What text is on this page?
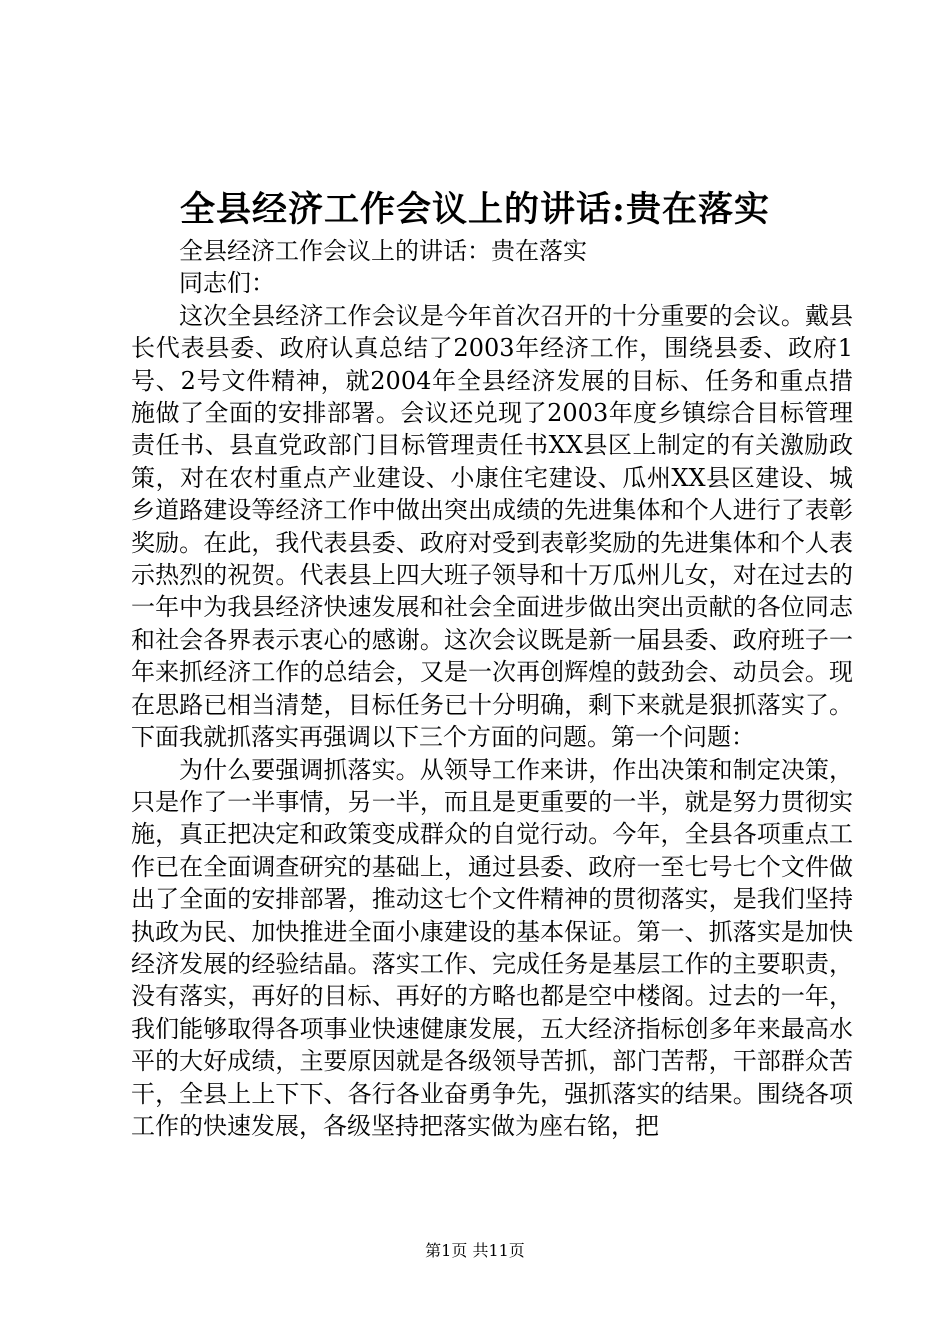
全县经济工作会议上的讲话:贵在落实

全县经济工作会议上的讲话：贵在落实

同志们：

这次全县经济工作会议是今年首次召开的十分重要的会议。戴县长代表县委、政府认真总结了2003年经济工作，围绕县委、政府1号、2号文件精神，就2004年全县经济发展的目标、任务和重点措施做了全面的安排部署。会议还兑现了2003年度乡镇综合目标管理责任书、县直党政部门目标管理责任书XX县区上制定的有关激励政策，对在农村重点产业建设、小康住宅建设、瓜州XX县区建设、城乡道路建设等经济工作中做出突出成绩的先进集体和个人进行了表彰奖励。在此，我代表县委、政府对受到表彰奖励的先进集体和个人表示热烈的祝贺。代表县上四大班子领导和十万瓜州儿女，对在过去的一年中为我县经济快速发展和社会全面进步做出突出贡献的各位同志和社会各界表示衷心的感谢。这次会议既是新一届县委、政府班子一年来抓经济工作的总结会，又是一次再创辉煌的鼓劲会、动员会。现在思路已相当清楚，目标任务已十分明确，剩下来就是狠抓落实了。下面我就抓落实再强调以下三个方面的问题。第一个问题：

为什么要强调抓落实。从领导工作来讲，作出决策和制定决策，只是作了一半事情，另一半，而且是更重要的一半，就是努力贯彻实施，真正把决定和政策变成群众的自觉行动。今年，全县各项重点工作已在全面调查研究的基础上，通过县委、政府一至七号七个文件做出了全面的安排部署，推动这七个文件精神的贯彻落实，是我们坚持执政为民、加快推进全面小康建设的基本保证。第一、抓落实是加快经济发展的经验结晶。落实工作、完成任务是基层工作的主要职责，没有落实，再好的目标、再好的方略也都是空中楼阁。过去的一年，我们能够取得各项事业快速健康发展，五大经济指标创多年来最高水平的大好成绩，主要原因就是各级领导苦抓，部门苦帮，干部群众苦干，全县上上下下、各行各业奋勇争先，强抓落实的结果。围绕各项工作的快速发展，各级坚持把落实做为座右铭，把

第1页 共11页
